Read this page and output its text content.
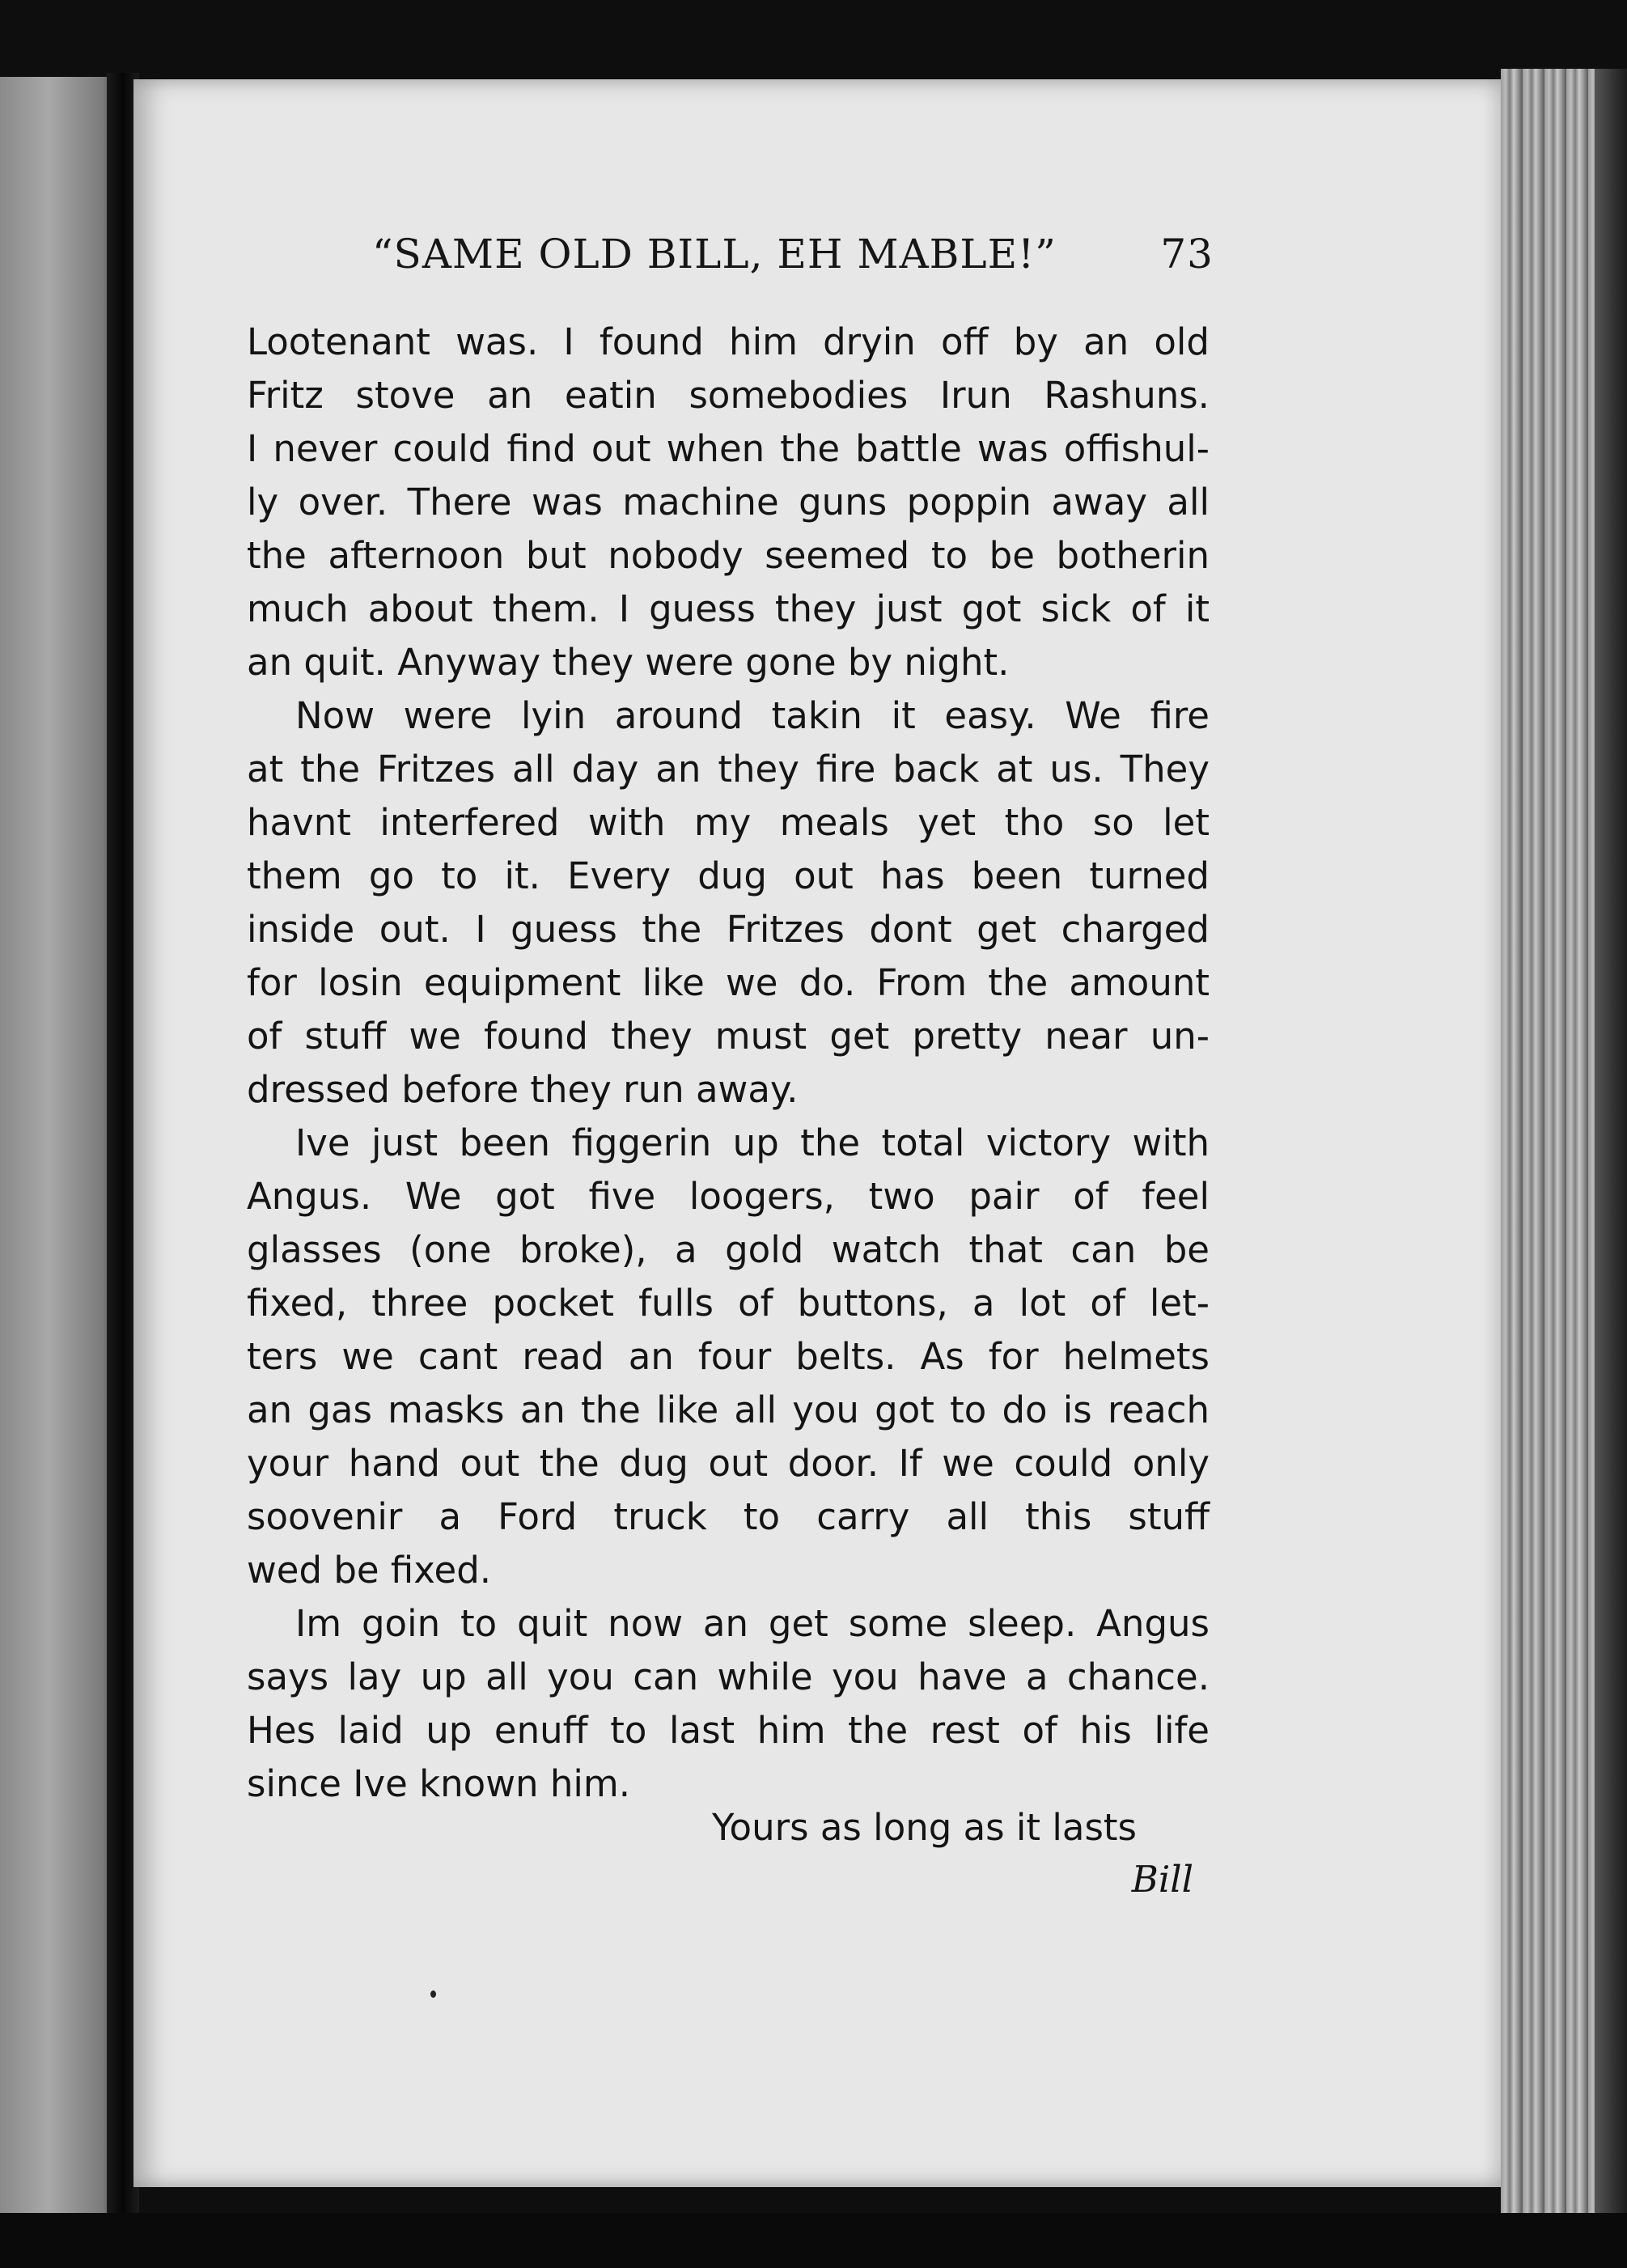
“SAME OLD BILL, EH MABLE!”	73
Lootenant was. I found him dryin off by an old
Fritz stove an eatin somebodies Irun Rashuns.
I never could find out when the battle was offishul-
ly over. There was machine guns poppin away all
the afternoon but nobody seemed to be botherin
much about them. I guess they just got sick of it
an quit. Anyway they were gone by night.
Now were lyin around takin it easy. We fire
at the Fritzes all day an they fire back at us. They
havnt interfered with my meals yet tho so let
them go to it. Every dug out has been turned
inside out. I guess the Fritzes dont get charged
for losin equipment like we do. From the amount
of stuff we found they must get pretty near un-
dressed before they run away.
Ive just been figgerin up the total victory with
Angus. We got five loogers, two pair of feel
glasses (one broke), a gold watch that can be
fixed, three pocket fulls of buttons, a lot of let-
ters we cant read an four belts. As for helmets
an gas masks an the like all you got to do is reach
your hand out the dug out door. If we could only
soovenir a Ford truck to carry all this stuff
wed be fixed.
Im goin to quit now an get some sleep. Angus
says lay up all you can while you have a chance.
Hes laid up enuff to last him the rest of his life
since Ive known him.
Yours as long as it lasts
Bill
